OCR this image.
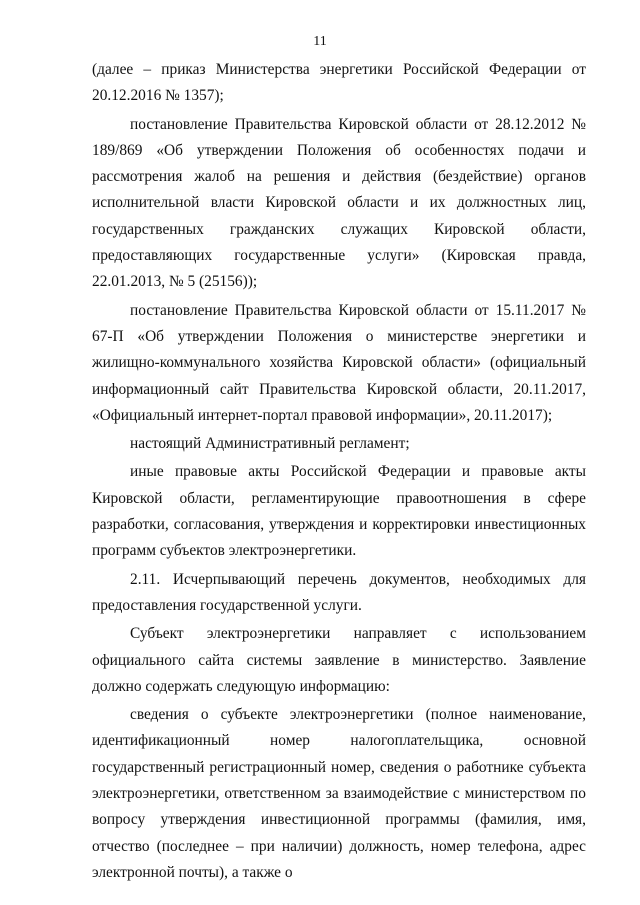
11

(далее – приказ Министерства энергетики Российской Федерации от 20.12.2016 № 1357);

постановление Правительства Кировской области от 28.12.2012 № 189/869 «Об утверждении Положения об особенностях подачи и рассмотрения жалоб на решения и действия (бездействие) органов исполнительной власти Кировской области и их должностных лиц, государственных гражданских служащих Кировской области, предоставляющих государственные услуги» (Кировская правда, 22.01.2013, № 5 (25156));

постановление Правительства Кировской области от 15.11.2017 № 67-П «Об утверждении Положения о министерстве энергетики и жилищно-коммунального хозяйства Кировской области» (официальный информационный сайт Правительства Кировской области, 20.11.2017, «Официальный интернет-портал правовой информации», 20.11.2017);

настоящий Административный регламент;

иные правовые акты Российской Федерации и правовые акты Кировской области, регламентирующие правоотношения в сфере разработки, согласования, утверждения и корректировки инвестиционных программ субъектов электроэнергетики.

2.11. Исчерпывающий перечень документов, необходимых для предоставления государственной услуги.

Субъект электроэнергетики направляет с использованием официального сайта системы заявление в министерство. Заявление должно содержать следующую информацию:

сведения о субъекте электроэнергетики (полное наименование, идентификационный номер налогоплательщика, основной государственный регистрационный номер, сведения о работнике субъекта электроэнергетики, ответственном за взаимодействие с министерством по вопросу утверждения инвестиционной программы (фамилия, имя, отчество (последнее – при наличии) должность, номер телефона, адрес электронной почты), а также о
